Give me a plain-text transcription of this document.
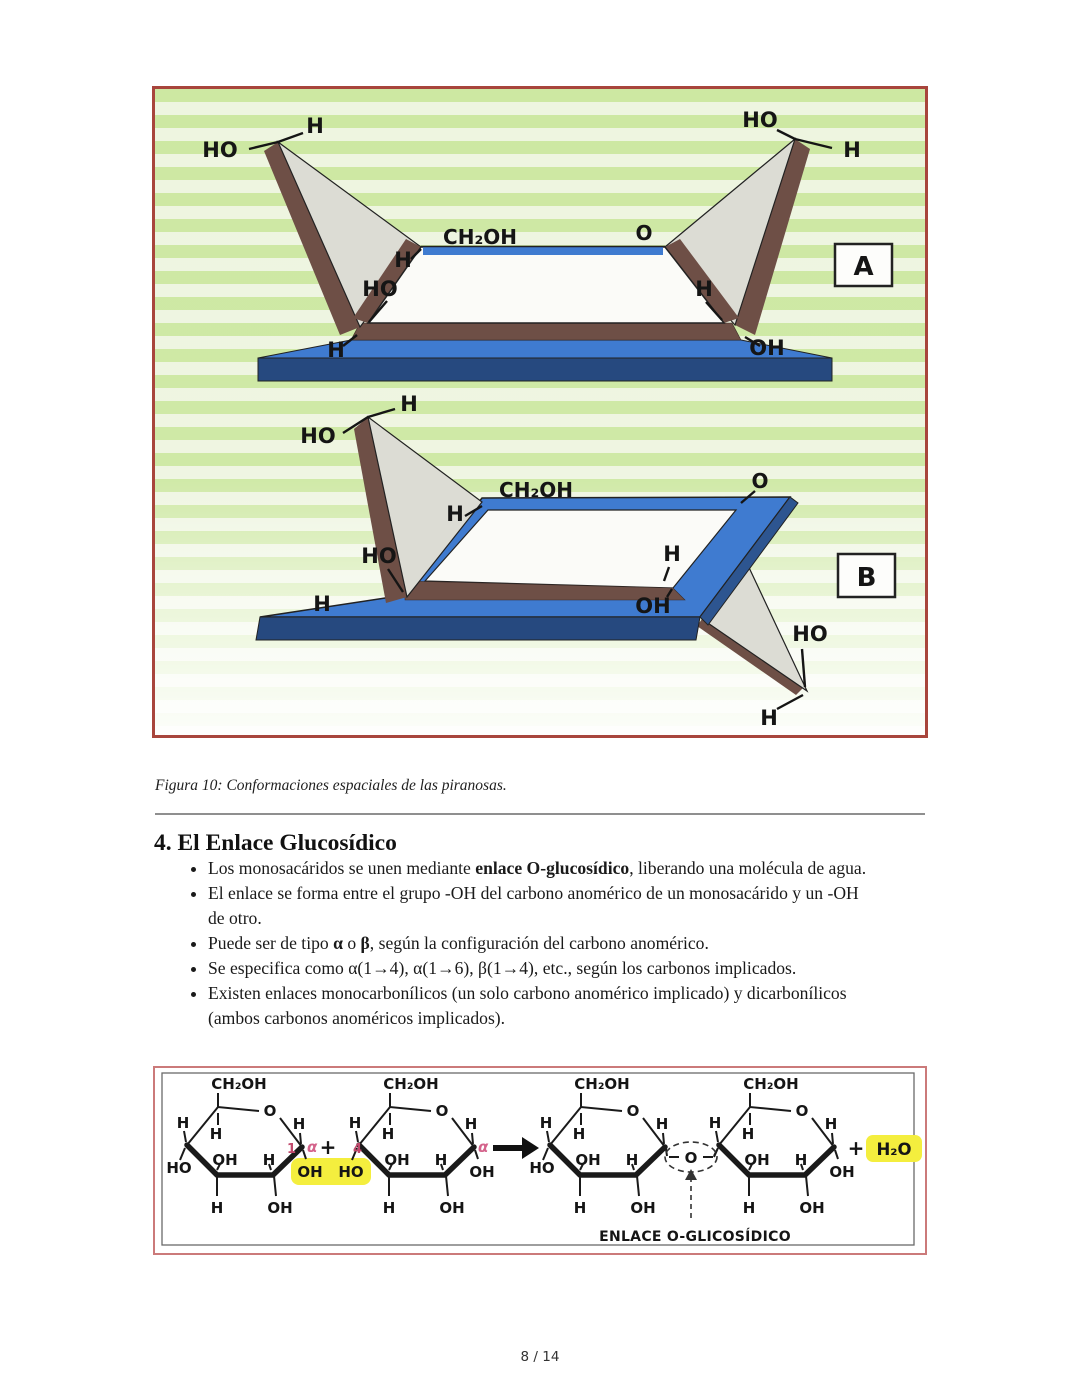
HO
H	HO
H
CH₂OH	O
H
HO	H
H	OH
A
H
HO
CH₂OH	O
H
HO
H	OH
H
HO
H
B
Figura 10: Conformaciones espaciales de las piranosas.
4. El Enlace Glucosídico
• Los monosacáridos se unen mediante enlace O-glucosídico, liberando una molécula de agua.
• El enlace se forma entre el grupo -OH del carbono anomérico de un monosacárido y un -OH de otro.
• Puede ser de tipo α o β, según la configuración del carbono anomérico.
• Se especifica como α(1→4), α(1→6), β(1→4), etc., según los carbonos implicados.
• Existen enlaces monocarbonílicos (un solo carbono anomérico implicado) y dicarbonílicos (ambos carbonos anoméricos implicados).
CH₂OH
O
H
HO
H
OH H
H	OH
H
OH
1 α +
CH₂OH
O
H
HO
H
OH H
H	OH
H
OH
4	α
CH₂OH
O
H
HO
H
OH H
H	OH
H
O
CH₂OH
O
H
H
OH H
H	OH
H
OH
+ H₂O
ENLACE O-GLICOSÍDICO
8 / 14
